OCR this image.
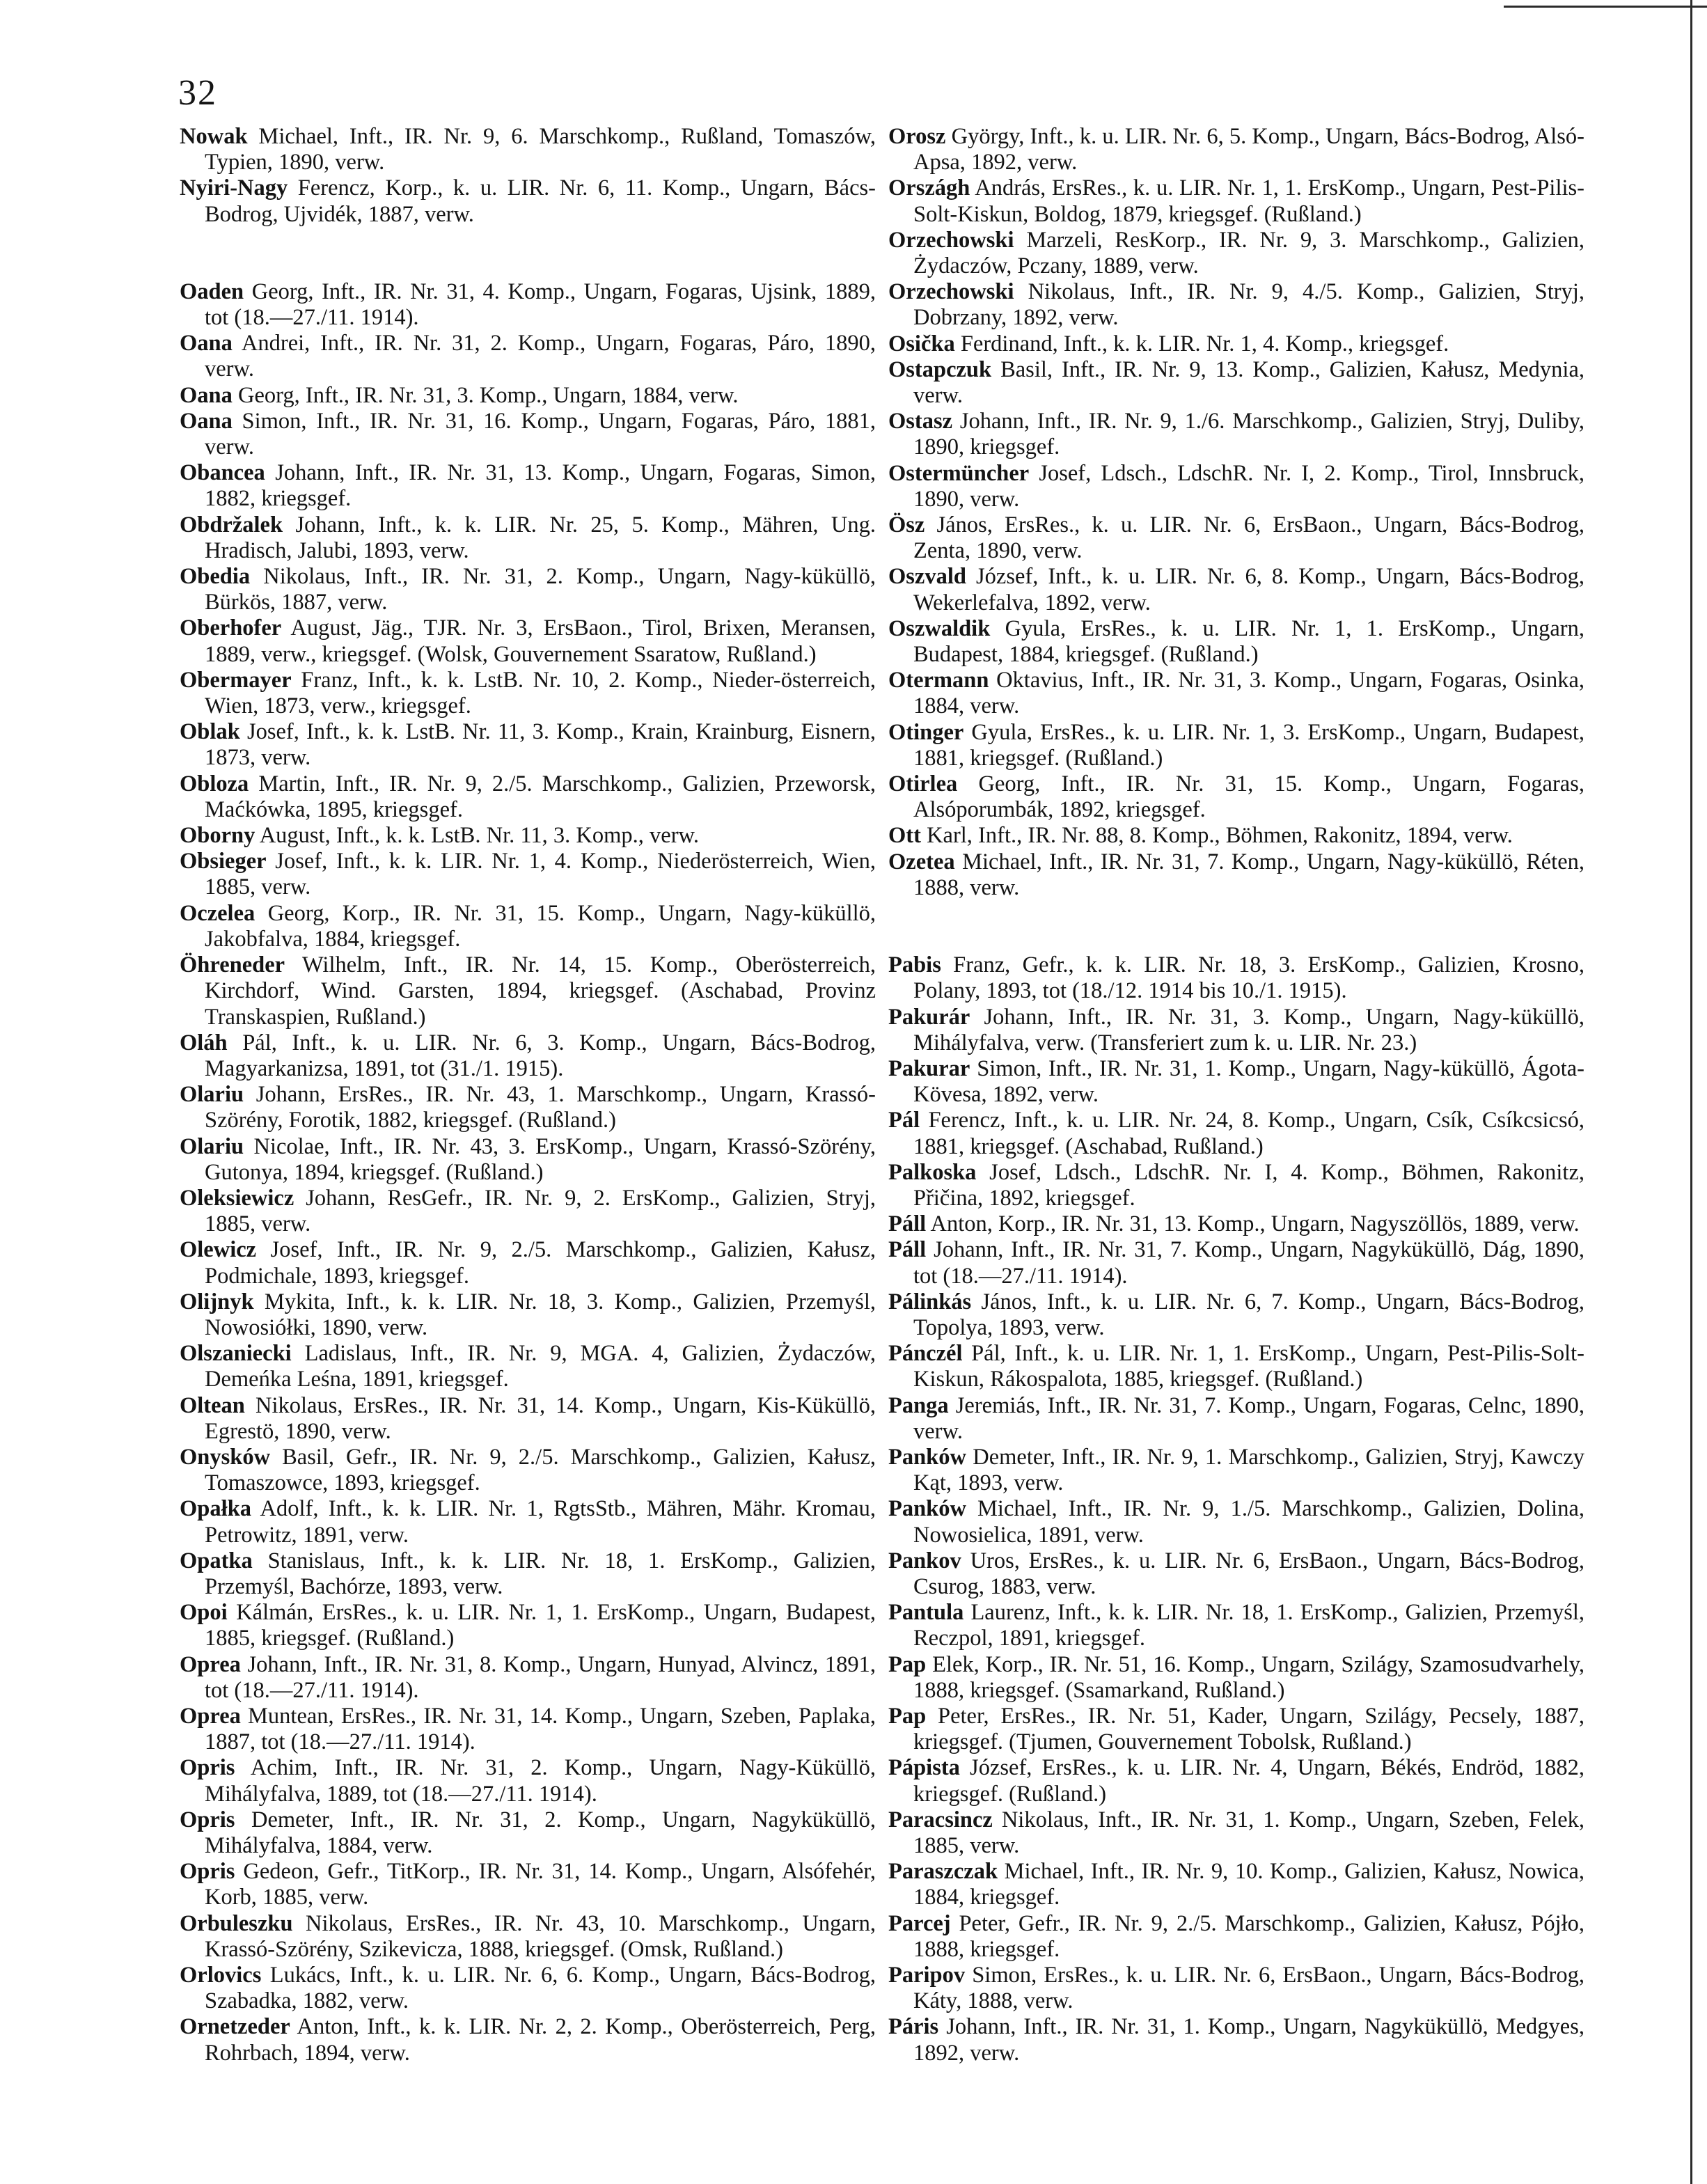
32
Nowak Michael, Inft., IR. Nr. 9, 6. Marschkomp., Rußland, Tomaszów, Typien, 1890, verw.
Nyiri-Nagy Ferencz, Korp., k. u. LIR. Nr. 6, 11. Komp., Ungarn, Bács-Bodrog, Ujvidék, 1887, verw.
Oaden Georg, Inft., IR. Nr. 31, 4. Komp., Ungarn, Fogaras, Ujsink, 1889, tot (18.—27./11. 1914).
Oana Andrei, Inft., IR. Nr. 31, 2. Komp., Ungarn, Fogaras, Páro, 1890, verw.
Oana Georg, Inft., IR. Nr. 31, 3. Komp., Ungarn, 1884, verw.
Oana Simon, Inft., IR. Nr. 31, 16. Komp., Ungarn, Fogaras, Páro, 1881, verw.
Obancea Johann, Inft., IR. Nr. 31, 13. Komp., Ungarn, Fogaras, Simon, 1882, kriegsgef.
Obdržalek Johann, Inft., k. k. LIR. Nr. 25, 5. Komp., Mähren, Ung. Hradisch, Jalubi, 1893, verw.
Obedia Nikolaus, Inft., IR. Nr. 31, 2. Komp., Ungarn, Nagy-küküllö, Bürkös, 1887, verw.
Oberhofer August, Jäg., TJR. Nr. 3, ErsBaon., Tirol, Brixen, Meransen, 1889, verw., kriegsgef. (Wolsk, Gouvernement Ssaratow, Rußland.)
Obermayer Franz, Inft., k. k. LstB. Nr. 10, 2. Komp., Nieder-österreich, Wien, 1873, verw., kriegsgef.
Oblak Josef, Inft., k. k. LstB. Nr. 11, 3. Komp., Krain, Krainburg, Eisnern, 1873, verw.
Obloza Martin, Inft., IR. Nr. 9, 2./5. Marschkomp., Galizien, Przeworsk, Maćkówka, 1895, kriegsgef.
Oborny August, Inft., k. k. LstB. Nr. 11, 3. Komp., verw.
Obsieger Josef, Inft., k. k. LIR. Nr. 1, 4. Komp., Niederösterreich, Wien, 1885, verw.
Oczelea Georg, Korp., IR. Nr. 31, 15. Komp., Ungarn, Nagy-küküllö, Jakobfalva, 1884, kriegsgef.
Öhreneder Wilhelm, Inft., IR. Nr. 14, 15. Komp., Oberösterreich, Kirchdorf, Wind. Garsten, 1894, kriegsgef. (Aschabad, Provinz Transkaspien, Rußland.)
Oláh Pál, Inft., k. u. LIR. Nr. 6, 3. Komp., Ungarn, Bács-Bodrog, Magyarkanizsa, 1891, tot (31./1. 1915).
Olariu Johann, ErsRes., IR. Nr. 43, 1. Marschkomp., Ungarn, Krassó-Szörény, Forotik, 1882, kriegsgef. (Rußland.)
Olariu Nicolae, Inft., IR. Nr. 43, 3. ErsKomp., Ungarn, Krassó-Szörény, Gutonya, 1894, kriegsgef. (Rußland.)
Oleksiewicz Johann, ResGefr., IR. Nr. 9, 2. ErsKomp., Galizien, Stryj, 1885, verw.
Olewicz Josef, Inft., IR. Nr. 9, 2./5. Marschkomp., Galizien, Kałusz, Podmichale, 1893, kriegsgef.
Olijnyk Mykita, Inft., k. k. LIR. Nr. 18, 3. Komp., Galizien, Przemyśl, Nowosiółki, 1890, verw.
Olszaniecki Ladislaus, Inft., IR. Nr. 9, MGA. 4, Galizien, Żydaczów, Demeńka Leśna, 1891, kriegsgef.
Oltean Nikolaus, ErsRes., IR. Nr. 31, 14. Komp., Ungarn, Kis-Küküllö, Egrestö, 1890, verw.
Onysków Basil, Gefr., IR. Nr. 9, 2./5. Marschkomp., Galizien, Kałusz, Tomaszowce, 1893, kriegsgef.
Opałka Adolf, Inft., k. k. LIR. Nr. 1, RgtsStb., Mähren, Mähr. Kromau, Petrowitz, 1891, verw.
Opatka Stanislaus, Inft., k. k. LIR. Nr. 18, 1. ErsKomp., Galizien, Przemyśl, Bachórze, 1893, verw.
Opoi Kálmán, ErsRes., k. u. LIR. Nr. 1, 1. ErsKomp., Ungarn, Budapest, 1885, kriegsgef. (Rußland.)
Oprea Johann, Inft., IR. Nr. 31, 8. Komp., Ungarn, Hunyad, Alvincz, 1891, tot (18.—27./11. 1914).
Oprea Muntean, ErsRes., IR. Nr. 31, 14. Komp., Ungarn, Szeben, Paplaka, 1887, tot (18.—27./11. 1914).
Opris Achim, Inft., IR. Nr. 31, 2. Komp., Ungarn, Nagy-Küküllö, Mihályfalva, 1889, tot (18.—27./11. 1914).
Opris Demeter, Inft., IR. Nr. 31, 2. Komp., Ungarn, Nagyküküllö, Mihályfalva, 1884, verw.
Opris Gedeon, Gefr., TitKorp., IR. Nr. 31, 14. Komp., Ungarn, Alsófehér, Korb, 1885, verw.
Orbuleszku Nikolaus, ErsRes., IR. Nr. 43, 10. Marschkomp., Ungarn, Krassó-Szörény, Szikevicza, 1888, kriegsgef. (Omsk, Rußland.)
Orlovics Lukács, Inft., k. u. LIR. Nr. 6, 6. Komp., Ungarn, Bács-Bodrog, Szabadka, 1882, verw.
Ornetzeder Anton, Inft., k. k. LIR. Nr. 2, 2. Komp., Oberösterreich, Perg, Rohrbach, 1894, verw.
Orosz György, Inft., k. u. LIR. Nr. 6, 5. Komp., Ungarn, Bács-Bodrog, Alsó-Apsa, 1892, verw.
Országh András, ErsRes., k. u. LIR. Nr. 1, 1. ErsKomp., Ungarn, Pest-Pilis-Solt-Kiskun, Boldog, 1879, kriegsgef. (Rußland.)
Orzechowski Marzeli, ResKorp., IR. Nr. 9, 3. Marschkomp., Galizien, Żydaczów, Pczany, 1889, verw.
Orzechowski Nikolaus, Inft., IR. Nr. 9, 4./5. Komp., Galizien, Stryj, Dobrzany, 1892, verw.
Osička Ferdinand, Inft., k. k. LIR. Nr. 1, 4. Komp., kriegsgef.
Ostapczuk Basil, Inft., IR. Nr. 9, 13. Komp., Galizien, Kałusz, Medynia, verw.
Ostasz Johann, Inft., IR. Nr. 9, 1./6. Marschkomp., Galizien, Stryj, Duliby, 1890, kriegsgef.
Ostermüncher Josef, Ldsch., LdschR. Nr. I, 2. Komp., Tirol, Innsbruck, 1890, verw.
Ösz János, ErsRes., k. u. LIR. Nr. 6, ErsBaon., Ungarn, Bács-Bodrog, Zenta, 1890, verw.
Oszvald József, Inft., k. u. LIR. Nr. 6, 8. Komp., Ungarn, Bács-Bodrog, Wekerlefalva, 1892, verw.
Oszwaldik Gyula, ErsRes., k. u. LIR. Nr. 1, 1. ErsKomp., Ungarn, Budapest, 1884, kriegsgef. (Rußland.)
Otermann Oktavius, Inft., IR. Nr. 31, 3. Komp., Ungarn, Fogaras, Osinka, 1884, verw.
Otinger Gyula, ErsRes., k. u. LIR. Nr. 1, 3. ErsKomp., Ungarn, Budapest, 1881, kriegsgef. (Rußland.)
Otirlea Georg, Inft., IR. Nr. 31, 15. Komp., Ungarn, Fogaras, Alsóporumbák, 1892, kriegsgef.
Ott Karl, Inft., IR. Nr. 88, 8. Komp., Böhmen, Rakonitz, 1894, verw.
Ozetea Michael, Inft., IR. Nr. 31, 7. Komp., Ungarn, Nagy-küküllö, Réten, 1888, verw.
Pabis Franz, Gefr., k. k. LIR. Nr. 18, 3. ErsKomp., Galizien, Krosno, Polany, 1893, tot (18./12. 1914 bis 10./1. 1915).
Pakurár Johann, Inft., IR. Nr. 31, 3. Komp., Ungarn, Nagy-küküllö, Mihályfalva, verw. (Transferiert zum k. u. LIR. Nr. 23.)
Pakurar Simon, Inft., IR. Nr. 31, 1. Komp., Ungarn, Nagy-küküllö, Ágota-Kövesa, 1892, verw.
Pál Ferencz, Inft., k. u. LIR. Nr. 24, 8. Komp., Ungarn, Csík, Csíkcsicsó, 1881, kriegsgef. (Aschabad, Rußland.)
Palkoska Josef, Ldsch., LdschR. Nr. I, 4. Komp., Böhmen, Rakonitz, Přičina, 1892, kriegsgef.
Páll Anton, Korp., IR. Nr. 31, 13. Komp., Ungarn, Nagyszöllös, 1889, verw.
Páll Johann, Inft., IR. Nr. 31, 7. Komp., Ungarn, Nagyküküllö, Dág, 1890, tot (18.—27./11. 1914).
Pálinkás János, Inft., k. u. LIR. Nr. 6, 7. Komp., Ungarn, Bács-Bodrog, Topolya, 1893, verw.
Pánczél Pál, Inft., k. u. LIR. Nr. 1, 1. ErsKomp., Ungarn, Pest-Pilis-Solt-Kiskun, Rákospalota, 1885, kriegsgef. (Rußland.)
Panga Jeremiás, Inft., IR. Nr. 31, 7. Komp., Ungarn, Fogaras, Celnc, 1890, verw.
Panków Demeter, Inft., IR. Nr. 9, 1. Marschkomp., Galizien, Stryj, Kawczy Kąt, 1893, verw.
Panków Michael, Inft., IR. Nr. 9, 1./5. Marschkomp., Galizien, Dolina, Nowosielica, 1891, verw.
Pankov Uros, ErsRes., k. u. LIR. Nr. 6, ErsBaon., Ungarn, Bács-Bodrog, Csurog, 1883, verw.
Pantula Laurenz, Inft., k. k. LIR. Nr. 18, 1. ErsKomp., Galizien, Przemyśl, Reczpol, 1891, kriegsgef.
Pap Elek, Korp., IR. Nr. 51, 16. Komp., Ungarn, Szilágy, Szamosudvarhely, 1888, kriegsgef. (Ssamarkand, Rußland.)
Pap Peter, ErsRes., IR. Nr. 51, Kader, Ungarn, Szilágy, Pecsely, 1887, kriegsgef. (Tjumen, Gouvernement Tobolsk, Rußland.)
Pápista József, ErsRes., k. u. LIR. Nr. 4, Ungarn, Békés, Endröd, 1882, kriegsgef. (Rußland.)
Paracsincz Nikolaus, Inft., IR. Nr. 31, 1. Komp., Ungarn, Szeben, Felek, 1885, verw.
Paraszczak Michael, Inft., IR. Nr. 9, 10. Komp., Galizien, Kałusz, Nowica, 1884, kriegsgef.
Parcej Peter, Gefr., IR. Nr. 9, 2./5. Marschkomp., Galizien, Kałusz, Pójło, 1888, kriegsgef.
Paripov Simon, ErsRes., k. u. LIR. Nr. 6, ErsBaon., Ungarn, Bács-Bodrog, Káty, 1888, verw.
Páris Johann, Inft., IR. Nr. 31, 1. Komp., Ungarn, Nagyküküllö, Medgyes, 1892, verw.
